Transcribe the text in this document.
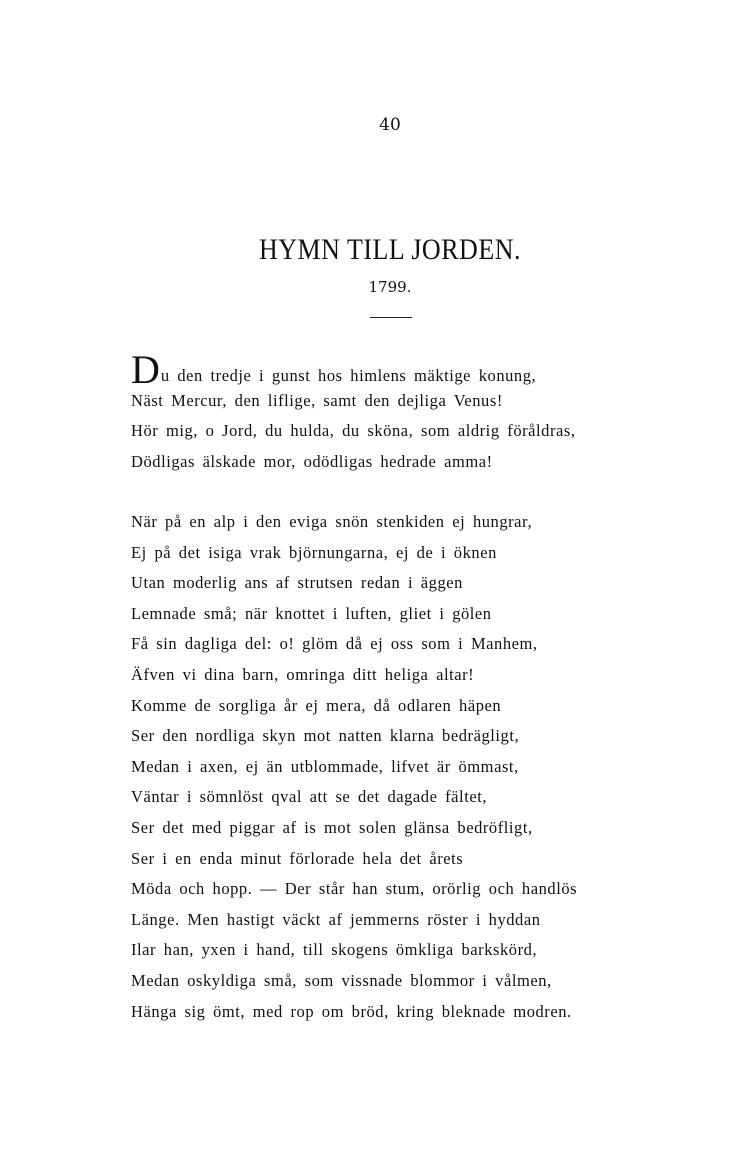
40
HYMN TILL JORDEN.
1799.
Du den tredje i gunst hos himlens mäktige konung,
Näst Mercur, den liflige, samt den dejliga Venus!
Hör mig, o Jord, du hulda, du sköna, som aldrig föråldras,
Dödligas älskade mor, odödligas hedrade amma!
När på en alp i den eviga snön stenkiden ej hungrar,
Ej på det isiga vrak björnungarna, ej de i öknen
Utan moderlig ans af strutsen redan i äggen
Lemnade små; när knottet i luften, gliet i gölen
Få sin dagliga del: o! glöm då ej oss som i Manhem,
Äfven vi dina barn, omringa ditt heliga altar!
Komme de sorgliga år ej mera, då odlaren häpen
Ser den nordliga skyn mot natten klarna bedrägligt,
Medan i axen, ej än utblommade, lifvet är ömmast,
Väntar i sömnlöst qval att se det dagade fältet,
Ser det med piggar af is mot solen glänsa bedröfligt,
Ser i en enda minut förlorade hela det årets
Möda och hopp. — Der står han stum, orörlig och handlös
Länge. Men hastigt väckt af jemmerns röster i hyddan
Ilar han, yxen i hand, till skogens ömkliga barkskörd,
Medan oskyldiga små, som vissnade blommor i vålmen,
Hänga sig ömt, med rop om bröd, kring bleknade modren.
